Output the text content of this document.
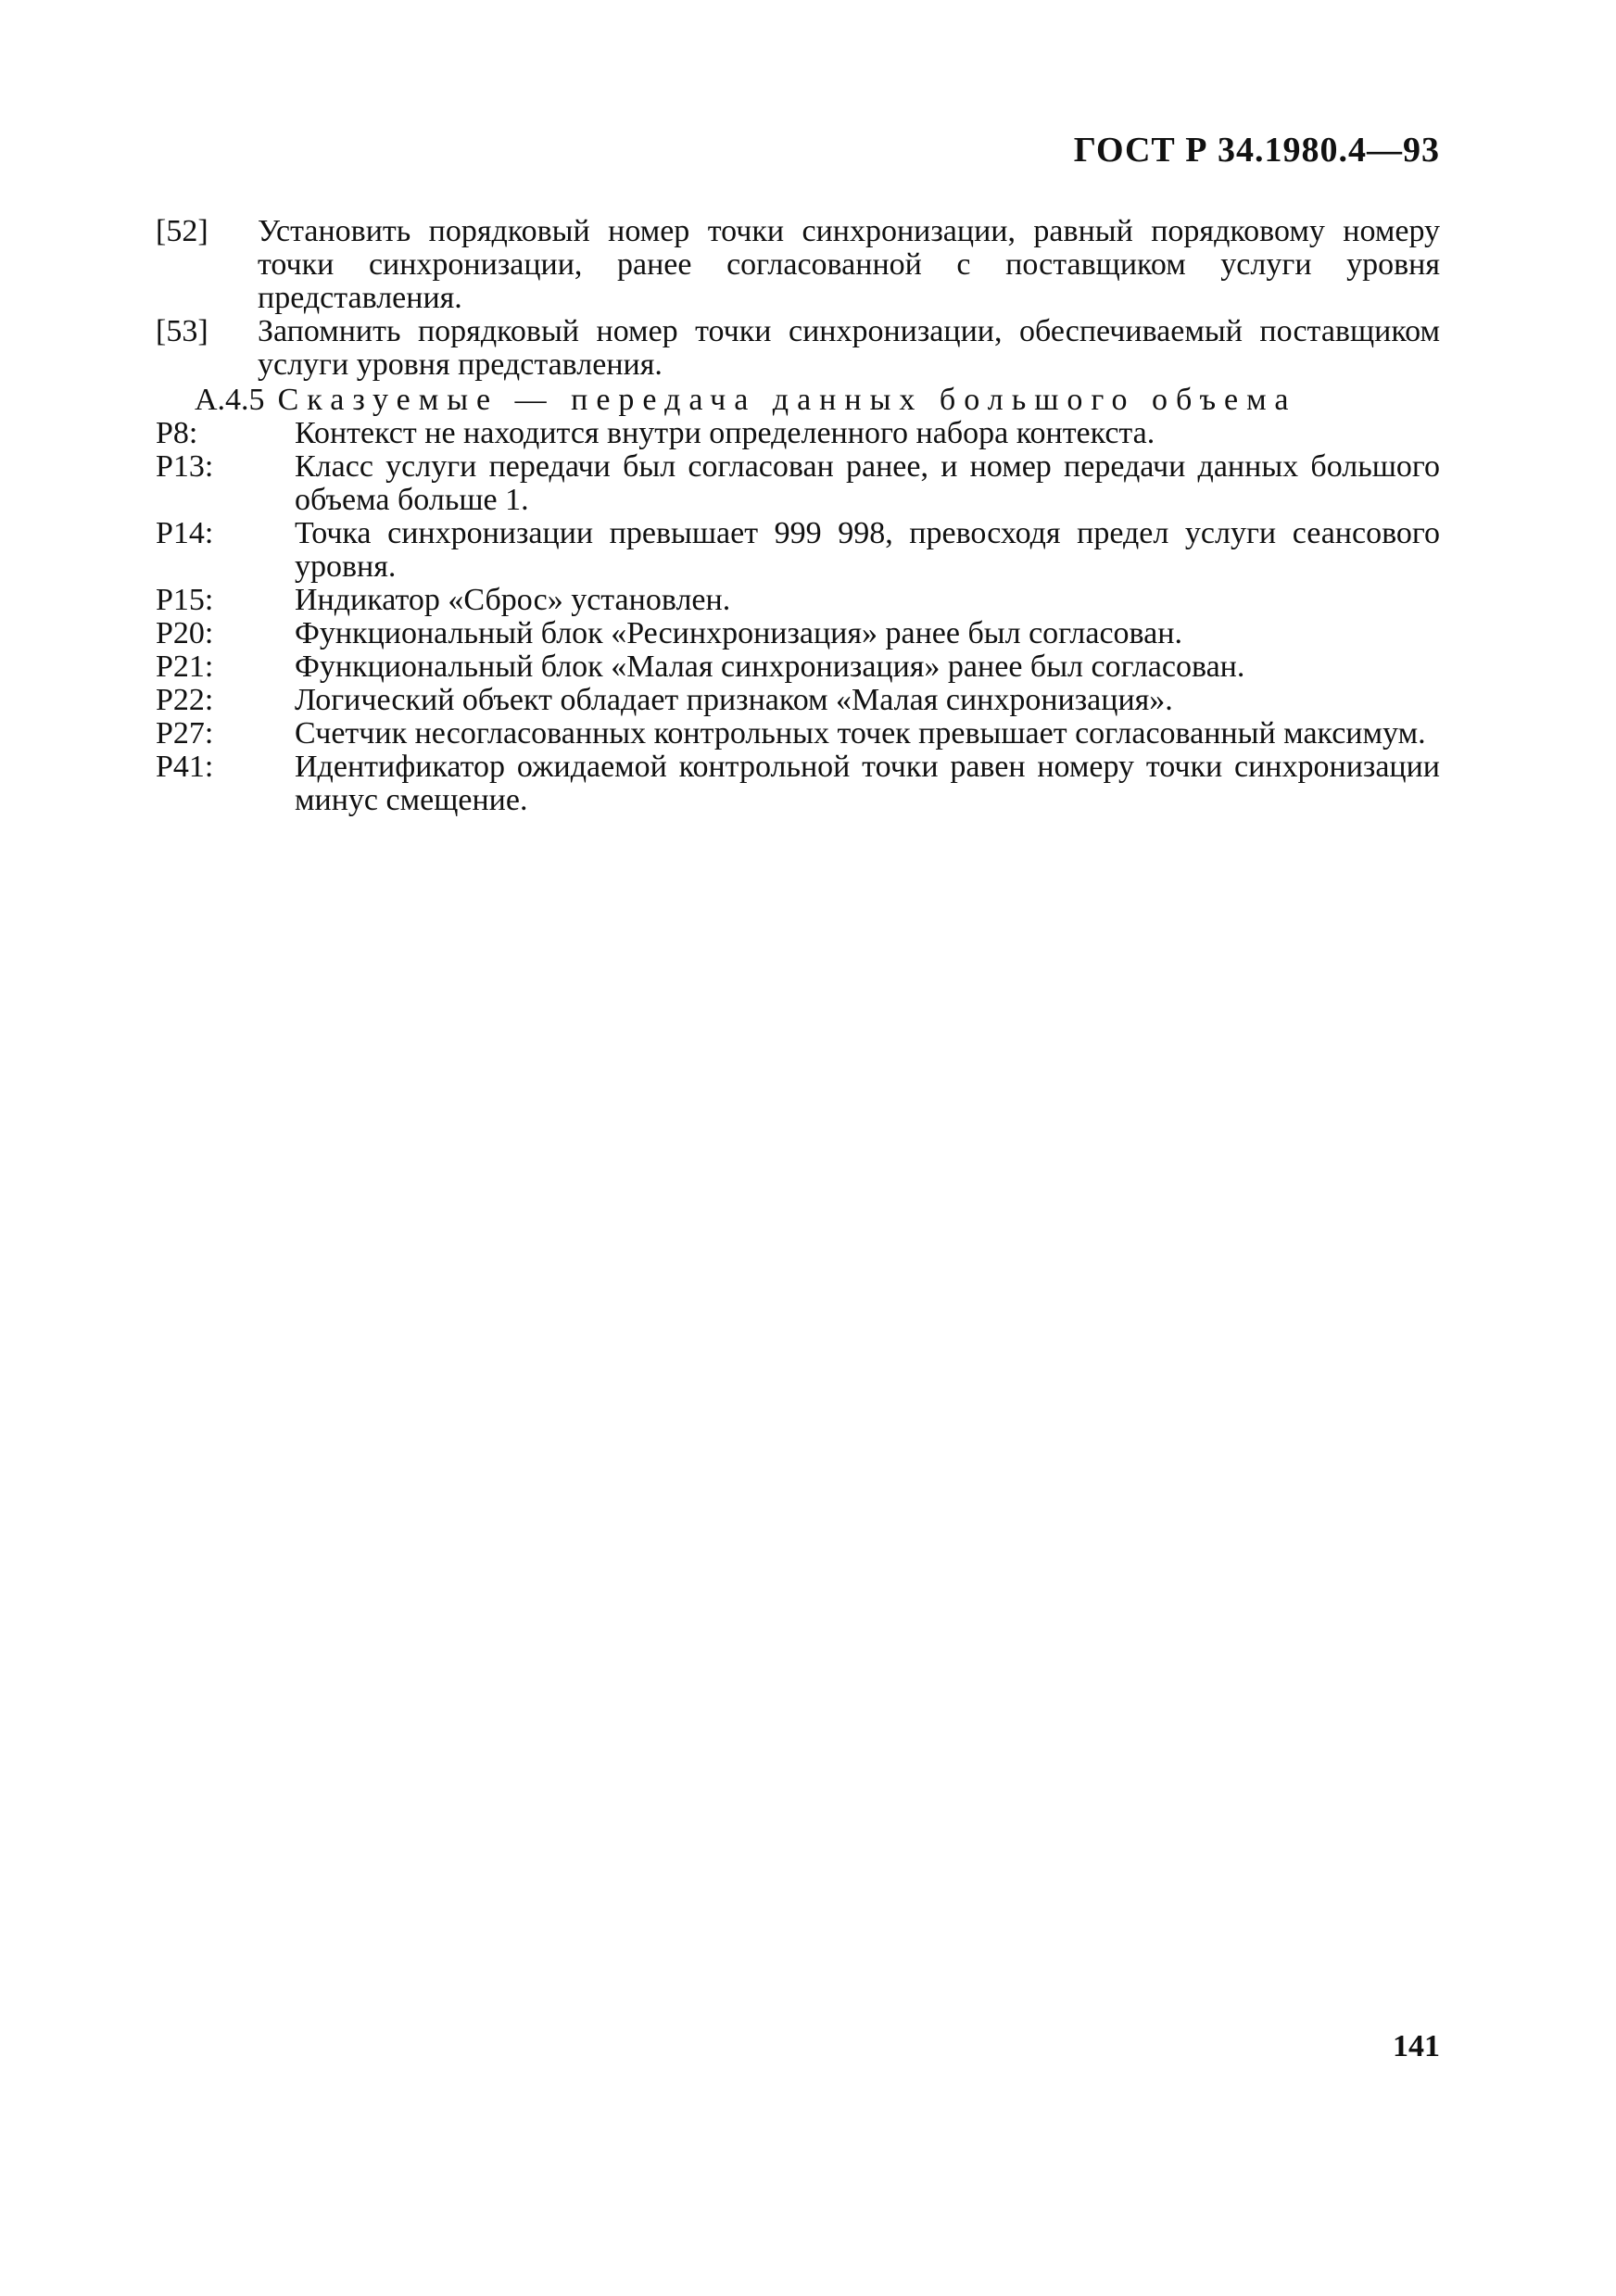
ГОСТ Р 34.1980.4—93
[52]	Установить порядковый номер точки синхронизации, равный порядковому номеру точки синхронизации, ранее согласованной с поставщиком услуги уровня представления.
[53]	Запомнить порядковый номер точки синхронизации, обеспечиваемый поставщиком услуги уровня представления.
А.4.5 Сказуемые — передача данных большого объема
P8:	Контекст не находится внутри определенного набора контекста.
P13:	Класс услуги передачи был согласован ранее, и номер передачи данных большого объема больше 1.
P14:	Точка синхронизации превышает 999 998, превосходя предел услуги сеансового уровня.
P15:	Индикатор «Сброс» установлен.
P20:	Функциональный блок «Ресинхронизация» ранее был согласован.
P21:	Функциональный блок «Малая синхронизация» ранее был согласован.
P22:	Логический объект обладает признаком «Малая синхронизация».
P27:	Счетчик несогласованных контрольных точек превышает согласованный максимум.
P41:	Идентификатор ожидаемой контрольной точки равен номеру точки синхронизации минус смещение.
141
